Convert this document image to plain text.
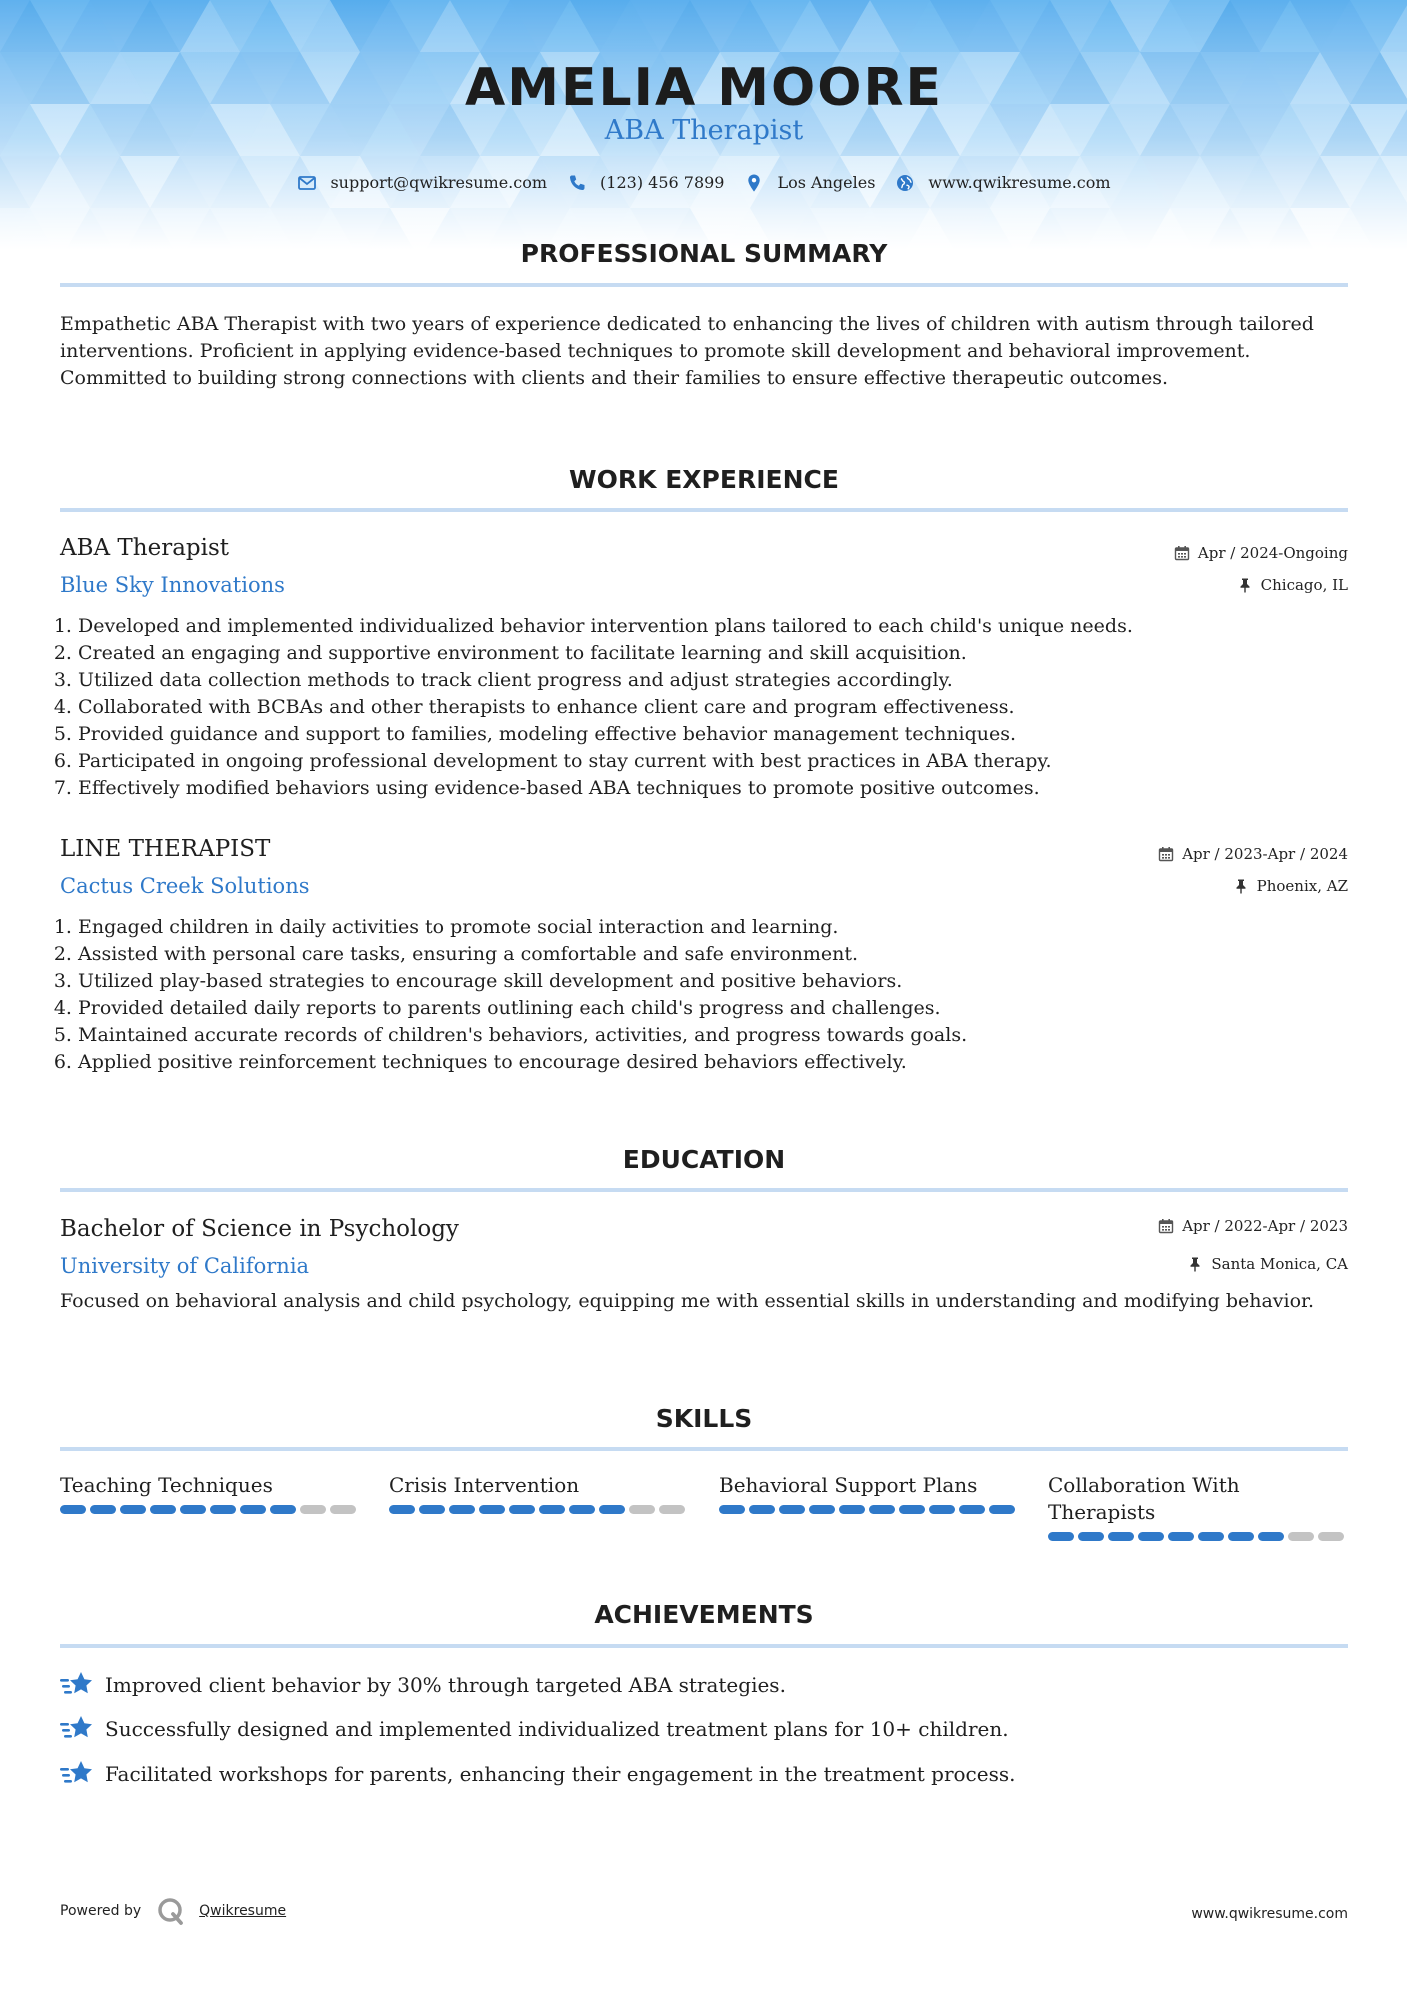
AMELIA MOORE
ABA Therapist
support@qwikresume.com	(123) 456 7899	Los Angeles	www.qwikresume.com
PROFESSIONAL SUMMARY

Empathetic ABA Therapist with two years of experience dedicated to enhancing the lives of children with autism through tailored interventions. Proficient in applying evidence-based techniques to promote skill development and behavioral improvement. Committed to building strong connections with clients and their families to ensure effective therapeutic outcomes.

WORK EXPERIENCE
ABA Therapist	Apr / 2024-Ongoing
Blue Sky Innovations	Chicago, IL
1. Developed and implemented individualized behavior intervention plans tailored to each child's unique needs.
2. Created an engaging and supportive environment to facilitate learning and skill acquisition.
3. Utilized data collection methods to track client progress and adjust strategies accordingly.
4. Collaborated with BCBAs and other therapists to enhance client care and program effectiveness.
5. Provided guidance and support to families, modeling effective behavior management techniques.
6. Participated in ongoing professional development to stay current with best practices in ABA therapy.
7. Effectively modified behaviors using evidence-based ABA techniques to promote positive outcomes.
LINE THERAPIST	Apr / 2023-Apr / 2024
Cactus Creek Solutions	Phoenix, AZ
1. Engaged children in daily activities to promote social interaction and learning.
2. Assisted with personal care tasks, ensuring a comfortable and safe environment.
3. Utilized play-based strategies to encourage skill development and positive behaviors.
4. Provided detailed daily reports to parents outlining each child's progress and challenges.
5. Maintained accurate records of children's behaviors, activities, and progress towards goals.
6. Applied positive reinforcement techniques to encourage desired behaviors effectively.
EDUCATION
Bachelor of Science in Psychology	Apr / 2022-Apr / 2023
University of California	Santa Monica, CA

Focused on behavioral analysis and child psychology, equipping me with essential skills in understanding and modifying behavior.

SKILLS
Teaching Techniques	Crisis Intervention	Behavioral Support Plans	Collaboration With Therapists
ACHIEVEMENTS
Improved client behavior by 30% through targeted ABA strategies.
Successfully designed and implemented individualized treatment plans for 10+ children.
Facilitated workshops for parents, enhancing their engagement in the treatment process.
Powered by	Qwikresume	www.qwikresume.com
